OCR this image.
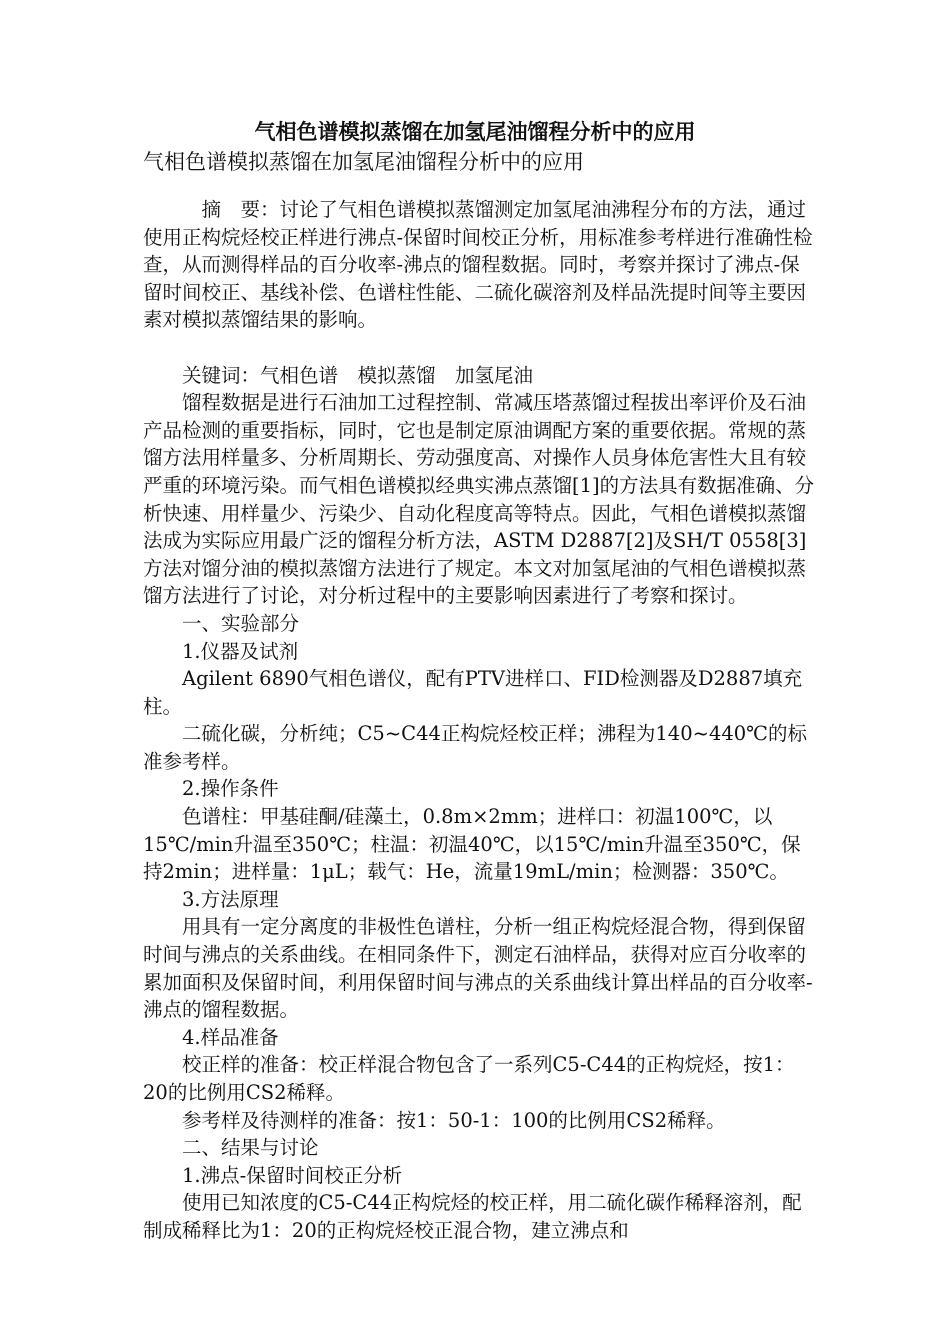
气相色谱模拟蒸馏在加氢尾油馏程分析中的应用
气相色谱模拟蒸馏在加氢尾油馏程分析中的应用

摘　要：讨论了气相色谱模拟蒸馏测定加氢尾油沸程分布的方法，通过使用正构烷烃校正样进行沸点-保留时间校正分析，用标准参考样进行准确性检查，从而测得样品的百分收率-沸点的馏程数据。同时，考察并探讨了沸点-保留时间校正、基线补偿、色谱柱性能、二硫化碳溶剂及样品洗提时间等主要因素对模拟蒸馏结果的影响。

关键词：气相色谱　模拟蒸馏　加氢尾油

馏程数据是进行石油加工过程控制、常减压塔蒸馏过程拔出率评价及石油产品检测的重要指标，同时，它也是制定原油调配方案的重要依据。常规的蒸馏方法用样量多、分析周期长、劳动强度高、对操作人员身体危害性大且有较严重的环境污染。而气相色谱模拟经典实沸点蒸馏[1]的方法具有数据准确、分析快速、用样量少、污染少、自动化程度高等特点。因此，气相色谱模拟蒸馏法成为实际应用最广泛的馏程分析方法，ASTM D2887[2]及SH/T 0558[3]方法对馏分油的模拟蒸馏方法进行了规定。本文对加氢尾油的气相色谱模拟蒸馏方法进行了讨论，对分析过程中的主要影响因素进行了考察和探讨。

一、实验部分

1.仪器及试剂

Agilent 6890气相色谱仪，配有PTV进样口、FID检测器及D2887填充柱。

二硫化碳，分析纯；C5~C44正构烷烃校正样；沸程为140~440℃的标准参考样。

2.操作条件

色谱柱：甲基硅酮/硅藻土，0.8m×2mm；进样口：初温100℃，以15℃/min升温至350℃；柱温：初温40℃，以15℃/min升温至350℃，保持2min；进样量：1μL；载气：He，流量19mL/min；检测器：350℃。

3.方法原理

用具有一定分离度的非极性色谱柱，分析一组正构烷烃混合物，得到保留时间与沸点的关系曲线。在相同条件下，测定石油样品，获得对应百分收率的累加面积及保留时间，利用保留时间与沸点的关系曲线计算出样品的百分收率-沸点的馏程数据。

4.样品准备

校正样的准备：校正样混合物包含了一系列C5-C44的正构烷烃，按1：20的比例用CS2稀释。

参考样及待测样的准备：按1：50-1：100的比例用CS2稀释。

二、结果与讨论

1.沸点-保留时间校正分析

使用已知浓度的C5-C44正构烷烃的校正样，用二硫化碳作稀释溶剂，配制成稀释比为1：20的正构烷烃校正混合物，建立沸点和
